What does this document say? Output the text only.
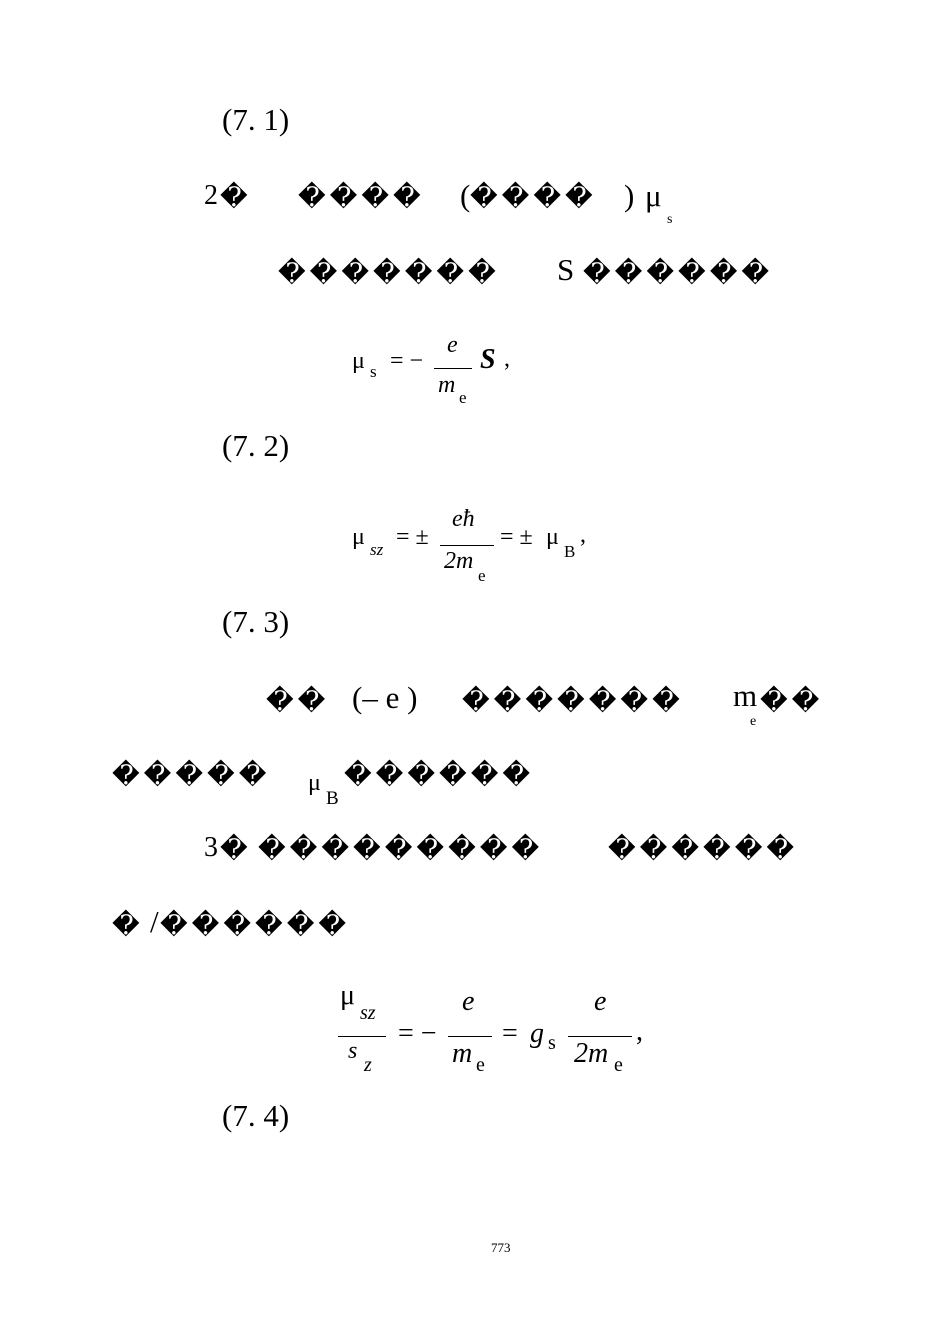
(7. 1)
2 � ���� ( ���� ) μ
s
������� S ������
μ s = −
e
m e
S ,
(7. 2)
μ sz = ±
eħ
2m
e
= ± μ
B
,
(7. 3)
�� (– e ) ������� m
e
��
����� μ
B
������
3 � ��������� ������
� / ������
μ
sz
s
z
= −
e
m e
= g s
e
2m e
,
(7. 4)
773
